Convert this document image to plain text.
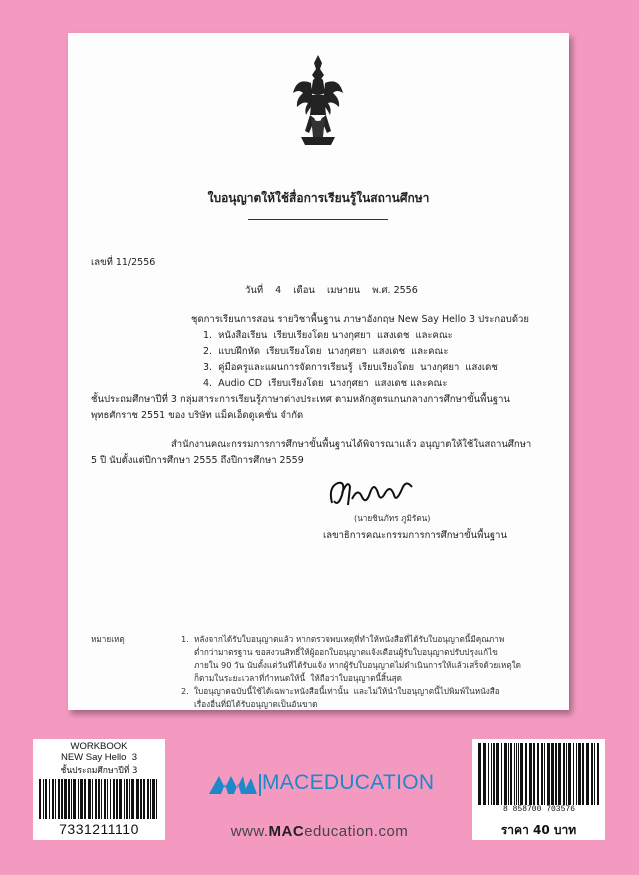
ใบอนุญาตให้ใช้สื่อการเรียนรู้ในสถานศึกษา
เลขที่ 11/2556
วันที่    4    เดือน    เมษายน    พ.ศ. 2556
ชุดการเรียนการสอน รายวิชาพื้นฐาน ภาษาอังกฤษ New Say Hello 3 ประกอบด้วย
1.  หนังสือเรียน  เรียบเรียงโดย นางกุศยา  แสงเดช  และคณะ
2.  แบบฝึกหัด  เรียบเรียงโดย  นางกุศยา  แสงเดช  และคณะ
3.  คู่มือครูและแผนการจัดการเรียนรู้  เรียบเรียงโดย  นางกุศยา  แสงเดช
4.  Audio CD  เรียบเรียงโดย  นางกุศยา  แสงเดช และคณะ
ชั้นประถมศึกษาปีที่ 3 กลุ่มสาระการเรียนรู้ภาษาต่างประเทศ ตามหลักสูตรแกนกลางการศึกษาขั้นพื้นฐาน
พุทธศักราช 2551 ของ บริษัท แม็คเอ็ดดูเคชั่น จำกัด
สำนักงานคณะกรรมการการศึกษาขั้นพื้นฐานได้พิจารณาแล้ว อนุญาตให้ใช้ในสถานศึกษา
5 ปี นับตั้งแต่ปีการศึกษา 2555 ถึงปีการศึกษา 2559
(นายชินภัทร ภูมิรัตน)
เลขาธิการคณะกรรมการการศึกษาขั้นพื้นฐาน
หมายเหตุ	1.  หลังจากได้รับใบอนุญาตแล้ว หากตรวจพบเหตุที่ทำให้หนังสือที่ได้รับใบอนุญาตนี้มีคุณภาพ
ต่ำกว่ามาตรฐาน ขอสงวนสิทธิ์ให้ผู้ออกใบอนุญาตแจ้งเตือนผู้รับใบอนุญาตปรับปรุงแก้ไข
ภายใน 90 วัน นับตั้งแต่วันที่ได้รับแจ้ง หากผู้รับใบอนุญาตไม่ดำเนินการให้แล้วเสร็จด้วยเหตุใด
ก็ตามในระยะเวลาที่กำหนดให้นี้  ให้ถือว่าใบอนุญาตนี้สิ้นสุด
2.  ใบอนุญาตฉบับนี้ใช้ได้เฉพาะหนังสือนี้เท่านั้น  และไม่ให้นำใบอนุญาตนี้ไปพิมพ์ในหนังสือ
เรื่องอื่นที่มิได้รับอนุญาตเป็นอันขาด
WORKBOOK
NEW Say Hello  3
ชั้นประถมศึกษาปีที่ 3
7331211110
8 858700 703576
ราคา 40 บาท
MACEDUCATION
www.MACeducation.com
